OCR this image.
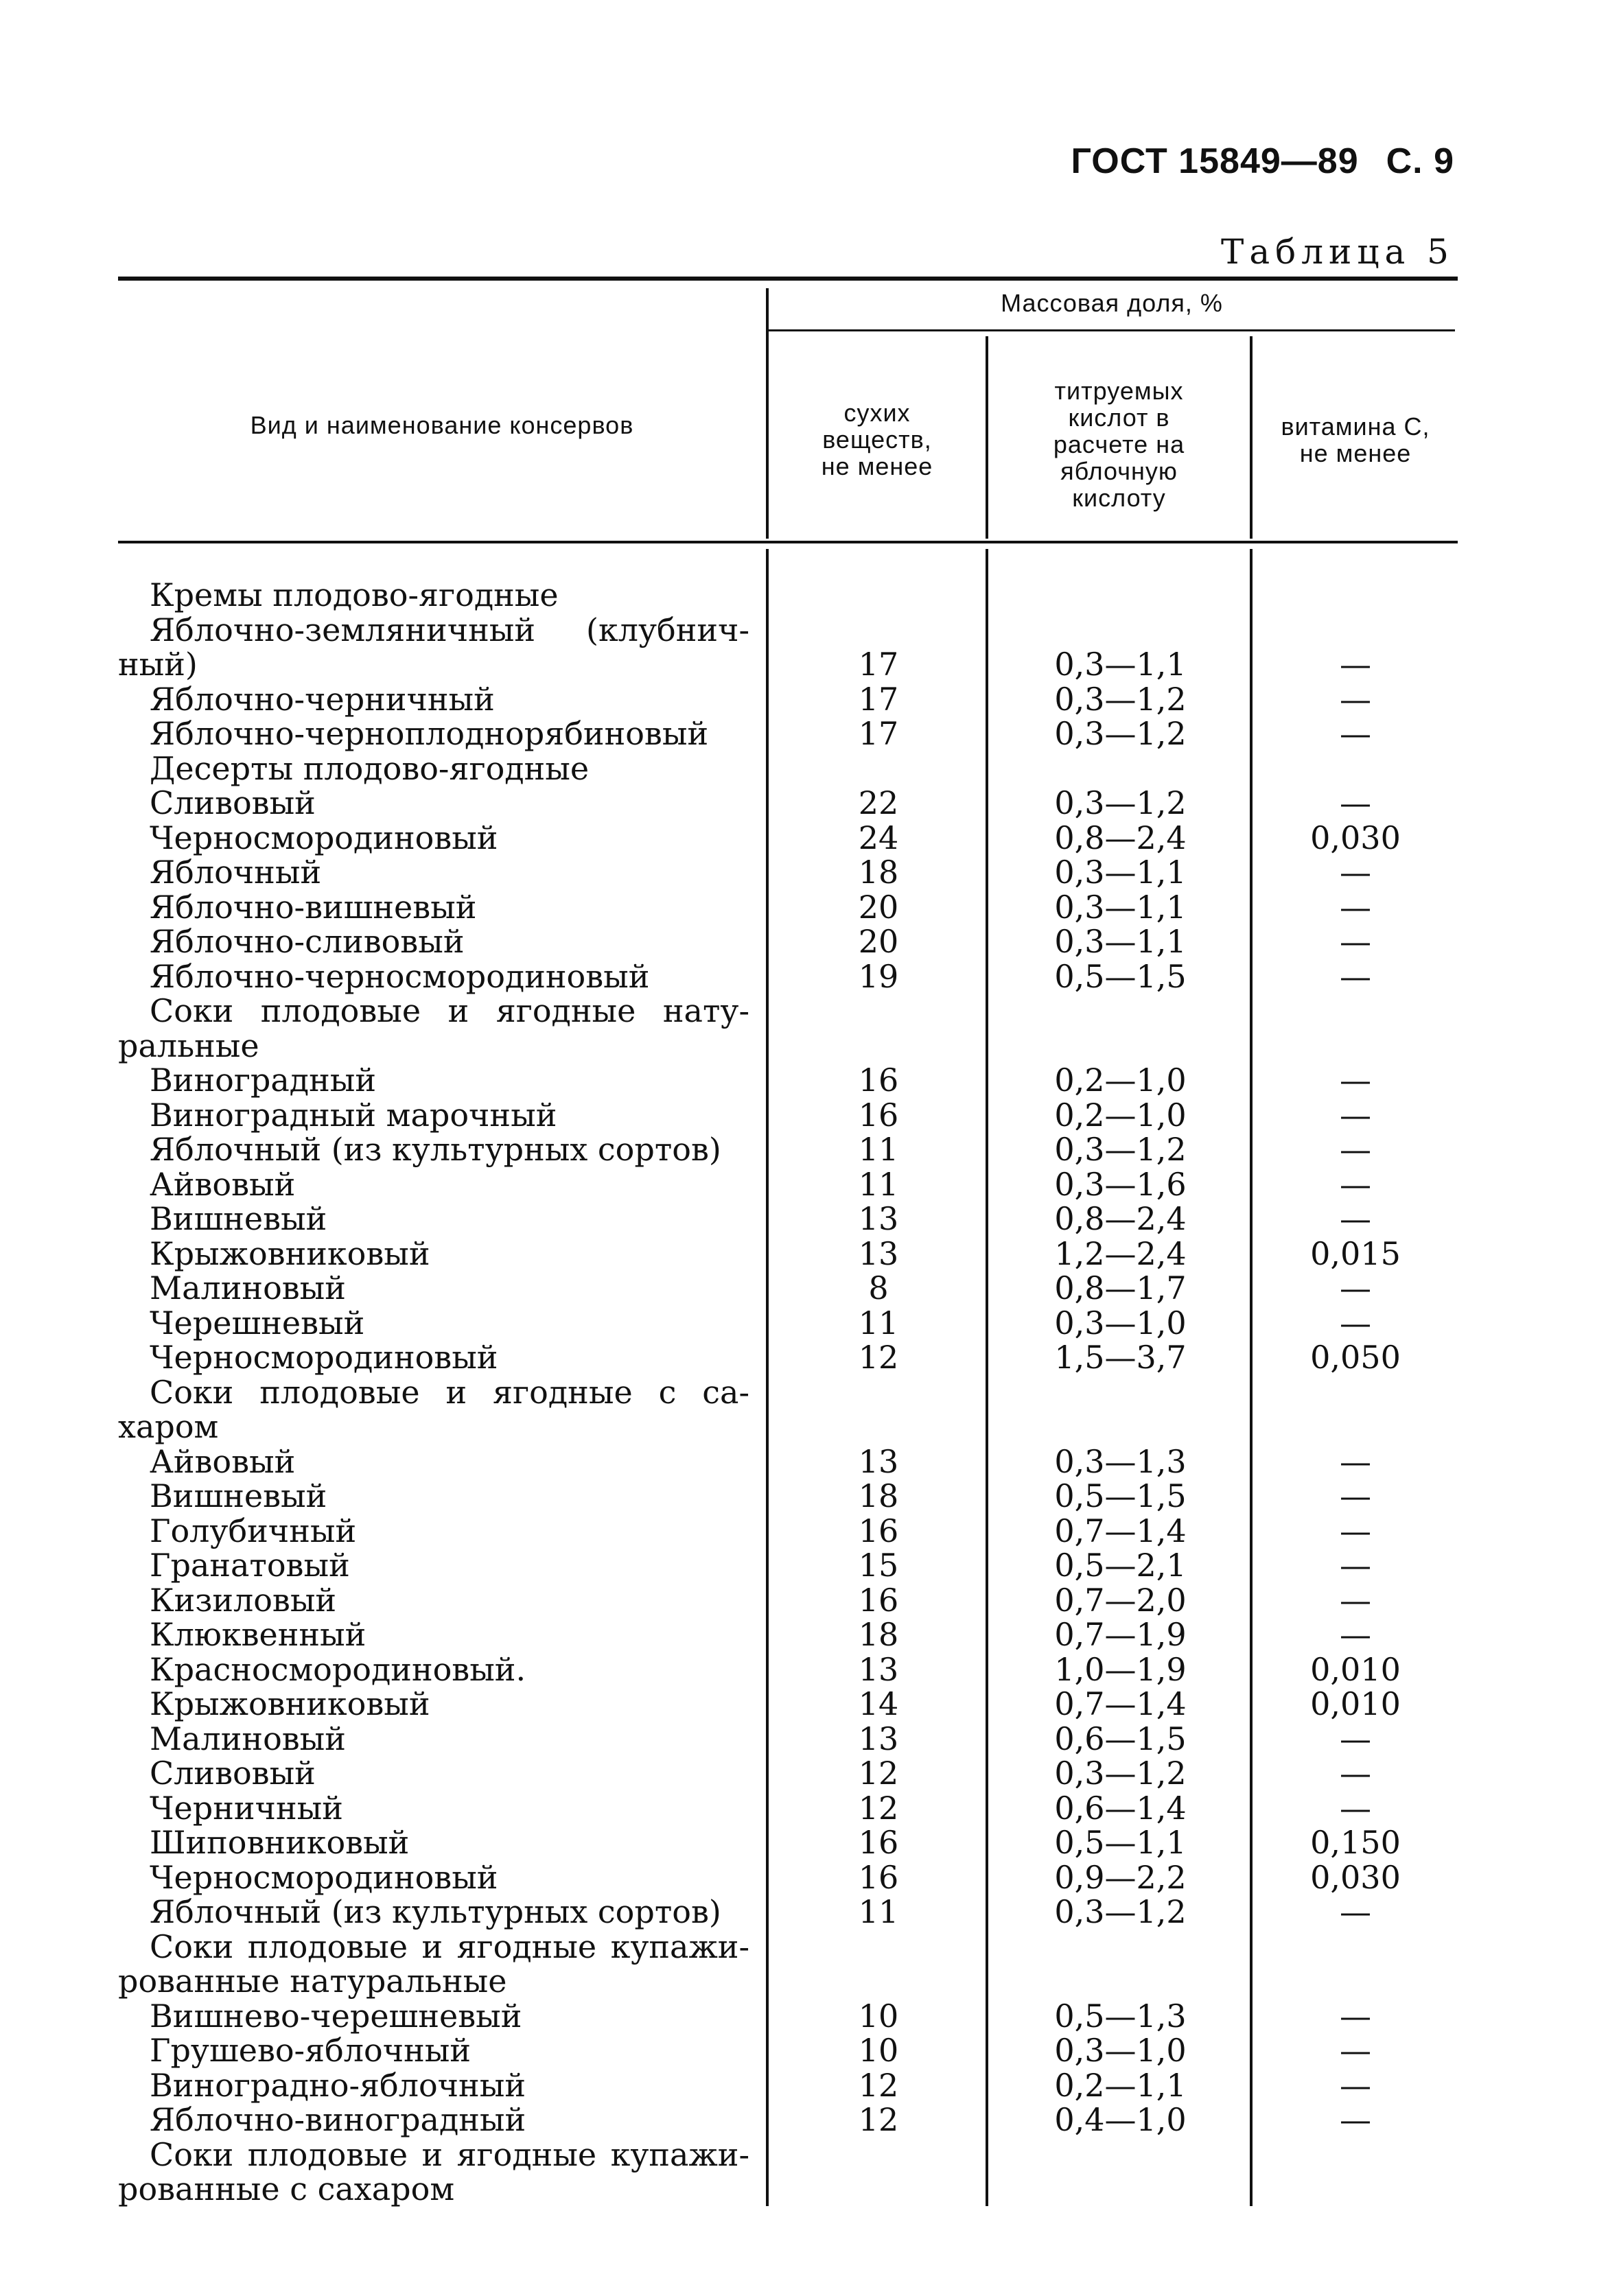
ГОСТ 15849—89 С. 9
Таблица 5
Вид и наименование консервов
Массовая доля, %
сухих
веществ,
не менее
титруемых
кислот в
расчете на
яблочную
кислоту
витамина С,
не менее
Кремы плодово-ягодные
Яблочно-земляничный (клубнич-
ный)
Яблочно-черничный
Яблочно-черноплоднорябиновый
Десерты плодово-ягодные
Сливовый
Черносмородиновый
Яблочный
Яблочно-вишневый
Яблочно-сливовый
Яблочно-черносмородиновый
Соки плодовые и ягодные нату-
ральные
Виноградный
Виноградный марочный
Яблочный (из культурных сортов)
Айвовый
Вишневый
Крыжовниковый
Малиновый
Черешневый
Черносмородиновый
Соки плодовые и ягодные с са-
харом
Айвовый
Вишневый
Голубичный
Гранатовый
Кизиловый
Клюквенный
Красносмородиновый.
Крыжовниковый
Малиновый
Сливовый
Черничный
Шиповниковый
Черносмородиновый
Яблочный (из культурных сортов)
Соки плодовые и ягодные купажи-
рованные натуральные
Вишнево-черешневый
Грушево-яблочный
Виноградно-яблочный
Яблочно-виноградный
Соки плодовые и ягодные купажи-
рованные с сахаром
17
17
17
22
24
18
20
20
19
16
16
11
11
13
13
8
11
12
13
18
16
15
16
18
13
14
13
12
12
16
16
11
10
10
12
12
0,3—1,1
0,3—1,2
0,3—1,2
0,3—1,2
0,8—2,4
0,3—1,1
0,3—1,1
0,3—1,1
0,5—1,5
0,2—1,0
0,2—1,0
0,3—1,2
0,3—1,6
0,8—2,4
1,2—2,4
0,8—1,7
0,3—1,0
1,5—3,7
0,3—1,3
0,5—1,5
0,7—1,4
0,5—2,1
0,7—2,0
0,7—1,9
1,0—1,9
0,7—1,4
0,6—1,5
0,3—1,2
0,6—1,4
0,5—1,1
0,9—2,2
0,3—1,2
0,5—1,3
0,3—1,0
0,2—1,1
0,4—1,0
—
—
—
—
0,030
—
—
—
—
—
—
—
—
—
0,015
—
—
0,050
—
—
—
—
—
—
0,010
0,010
—
—
—
0,150
0,030
—
—
—
—
—
